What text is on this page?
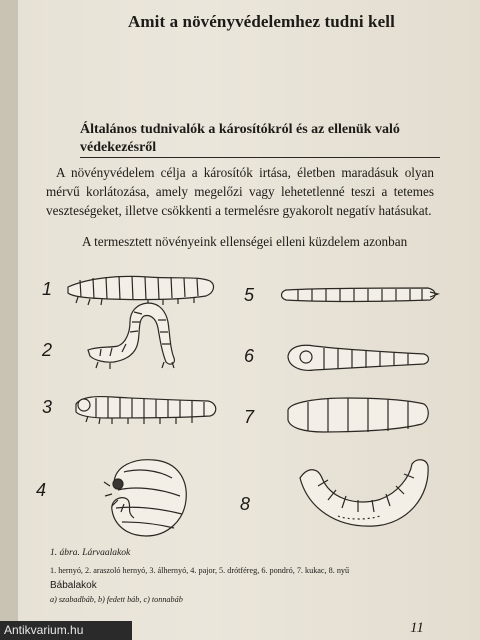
Amit a növényvédelemhez tudni kell
Általános tudnivalók a károsítókról és az ellenük való védekezésről

A növényvédelem célja a károsítók irtása, életben maradásuk olyan mérvű korlátozása, amely megelőzi vagy lehetetlenné teszi a tetemes veszteségeket, illetve csökkenti a termelésre gyakorolt negatív hatásukat.

A termesztett növényeink ellenségei elleni küzdelem azonban

1
2
3
4
5
6
7
8
1. ábra. Lárvaalakok
1. hernyó, 2. araszoló hernyó, 3. álhernyó, 4. pajor, 5. drótféreg, 6. pondró, 7. kukac, 8. nyű
Bábalakok
a) szabadbáb, b) fedett báb, c) tonnabáb
11
Antikvarium.hu
